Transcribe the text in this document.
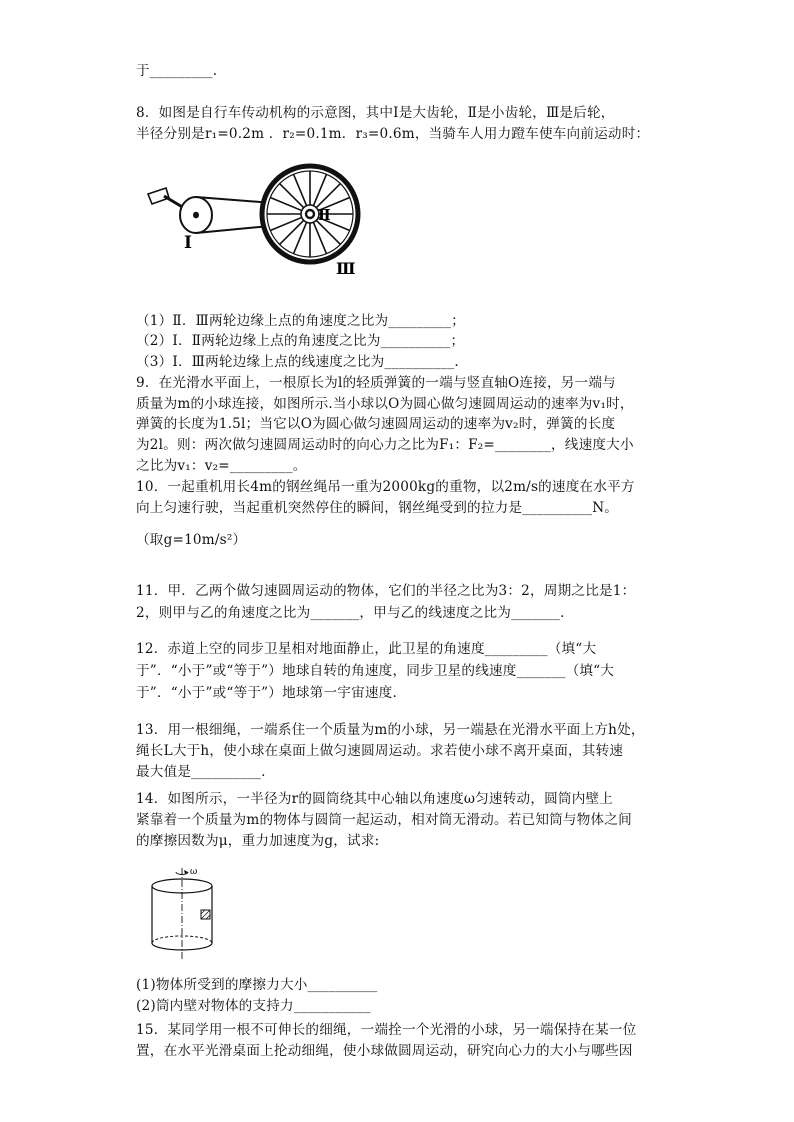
于_________.
8．如图是自行车传动机构的示意图，其中Ⅰ是大齿轮，Ⅱ是小齿轮，Ⅲ是后轮，
半径分别是r₁=0.2m ．r₂=0.1m．r₃=0.6m，当骑车人用力蹬车使车向前运动时：
（1）Ⅱ．Ⅲ两轮边缘上点的角速度之比为_________；
（2）Ⅰ．Ⅱ两轮边缘上点的角速度之比为__________；
（3）Ⅰ．Ⅲ两轮边缘上点的线速度之比为__________.
9．在光滑水平面上，一根原长为l的轻质弹簧的一端与竖直轴O连接，另一端与
质量为m的小球连接，如图所示.当小球以O为圆心做匀速圆周运动的速率为v₁时，
弹簧的长度为1.5l；当它以O为圆心做匀速圆周运动的速率为v₂时，弹簧的长度
为2l。则：两次做匀速圆周运动时的向心力之比为F₁：F₂=________，线速度大小
之比为v₁：v₂=_________。
10．一起重机用长4m的钢丝绳吊一重为2000kg的重物，以2m/s的速度在水平方
向上匀速行驶，当起重机突然停住的瞬间，钢丝绳受到的拉力是__________N。
（取g=10m/s²）
11．甲．乙两个做匀速圆周运动的物体，它们的半径之比为3：2，周期之比是1：
2，则甲与乙的角速度之比为_______，甲与乙的线速度之比为_______.
12．赤道上空的同步卫星相对地面静止，此卫星的角速度_________（填“大
于”．“小于”或“等于”）地球自转的角速度，同步卫星的线速度_______（填“大
于”．“小于”或“等于”）地球第一宇宙速度.
13．用一根细绳，一端系住一个质量为m的小球，另一端悬在光滑水平面上方h处，
绳长L大于h，使小球在桌面上做匀速圆周运动。求若使小球不离开桌面，其转速
最大值是__________.
14．如图所示，一半径为r的圆筒绕其中心轴以角速度ω匀速转动，圆筒内壁上
紧靠着一个质量为m的物体与圆筒一起运动，相对筒无滑动。若已知筒与物体之间
的摩擦因数为μ，重力加速度为g，试求:
(1)物体所受到的摩擦力大小__________
(2)筒内壁对物体的支持力___________
15．某同学用一根不可伸长的细绳，一端拴一个光滑的小球，另一端保持在某一位
置，在水平光滑桌面上抡动细绳，使小球做圆周运动，研究向心力的大小与哪些因
Ⅱ
Ⅰ
Ⅲ
ω
